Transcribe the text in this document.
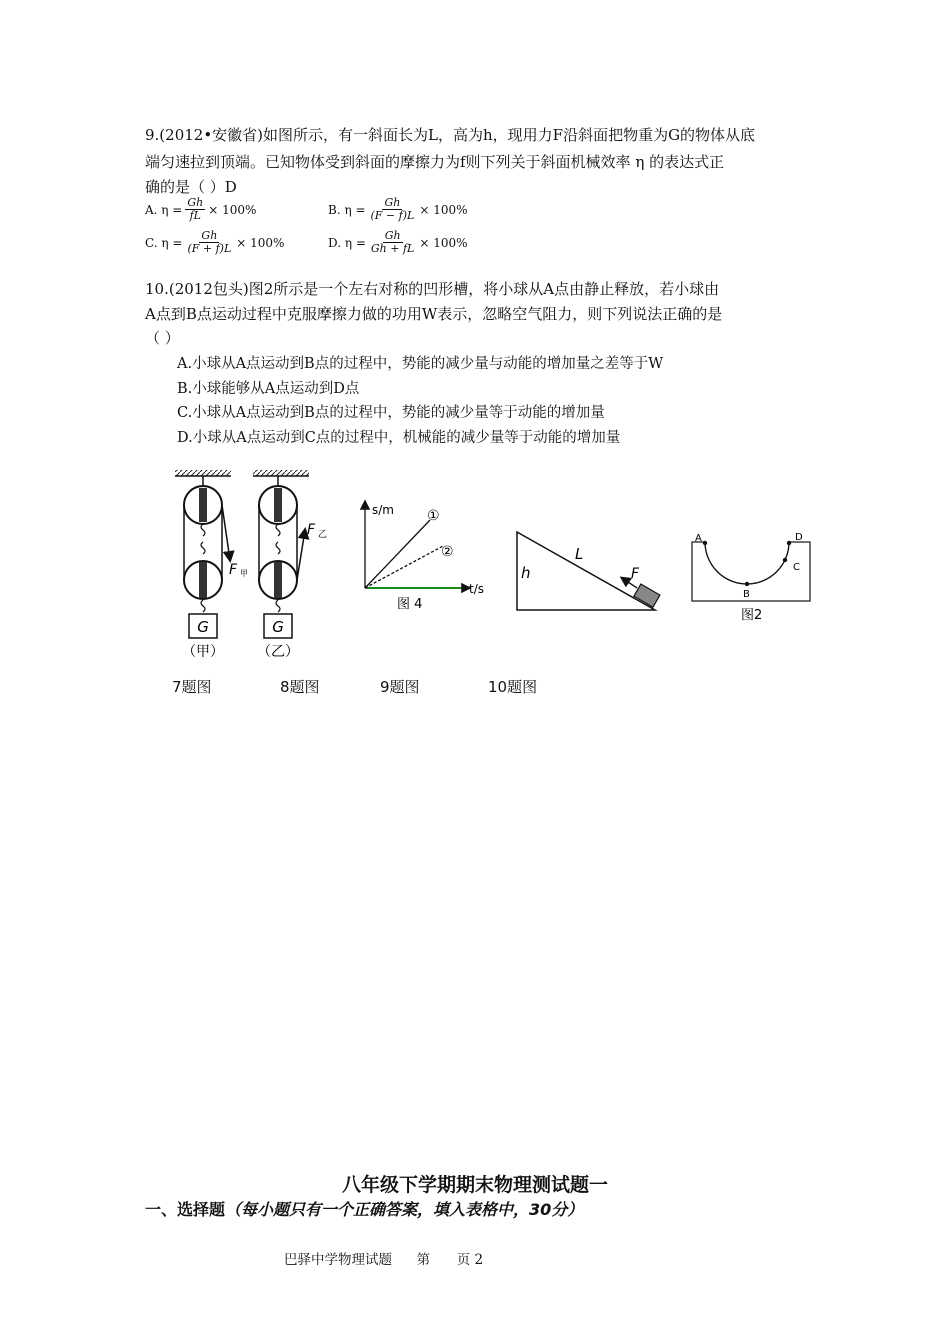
9.(2012•安徽省)如图所示，有一斜面长为L，高为h，现用力F沿斜面把物重为G的物体从底
端匀速拉到顶端。已知物体受到斜面的摩擦力为f则下列关于斜面机械效率 η 的表达式正
确的是（ ）D
A. $\eta = \frac{Gh}{fL} \times 100\%$	B. $\eta = \frac{Gh}{(F - f)L} \times 100\%$
C. $\eta = \frac{Gh}{(F + f)L} \times 100\%$	D. $\eta = \frac{Gh}{Gh + fL} \times 100\%$
10.(2012包头)图2所示是一个左右对称的凹形槽，将小球从A点由静止释放，若小球由
A点到B点运动过程中克服摩擦力做的功用W表示，忽略空气阻力，则下列说法正确的是
（ ）
A.小球从A点运动到B点的过程中，势能的减少量与动能的增加量之差等于W
B.小球能够从A点运动到D点
C.小球从A点运动到B点的过程中，势能的减少量等于动能的增加量
D.小球从A点运动到C点的过程中，机械能的减少量等于动能的增加量
G
F 甲
（甲）
G
F 乙
（乙）
s/m
t/s
①
②
图 4
L
h	F
A
B
C
D
图2
7题图	8题图	9题图	10题图
八年级下学期期末物理测试题一
一、选择题（每小题只有一个正确答案，填入表格中，30分）
巴驿中学物理试题 第 页 2
